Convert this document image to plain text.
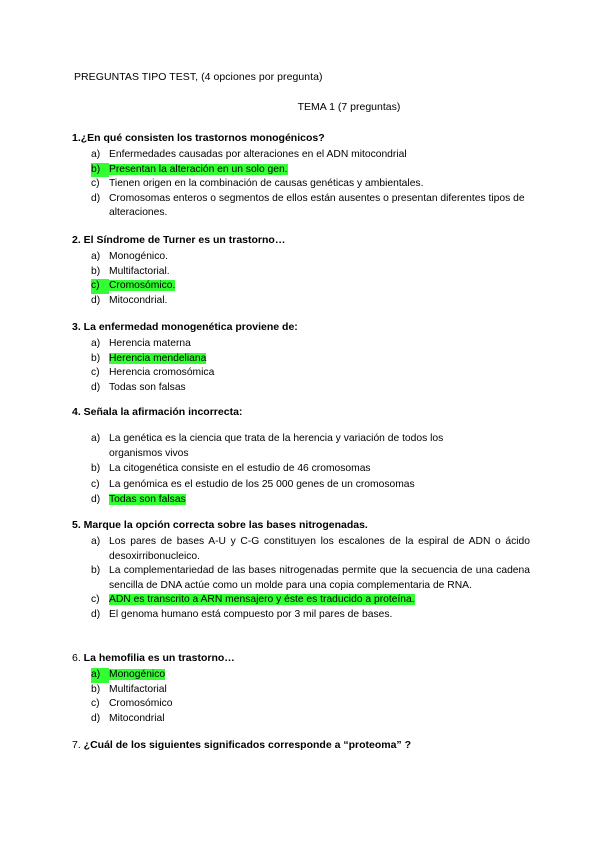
PREGUNTAS TIPO TEST, (4 opciones por pregunta)
TEMA 1 (7 preguntas)
1.¿En qué consisten los trastornos monogénicos?
a) Enfermedades causadas por alteraciones en el ADN mitocondrial
b) Presentan la alteración en un solo gen.
c) Tienen origen en la combinación de causas genéticas y ambientales.
d) Cromosomas enteros o segmentos de ellos están ausentes o presentan diferentes tipos de alteraciones.
2. El Síndrome de Turner es un trastorno…
a) Monogénico.
b) Multifactorial.
c) Cromosómico.
d) Mitocondrial.
3. La enfermedad monogenética proviene de:
a) Herencia materna
b) Herencia mendeliana
c) Herencia cromosómica
d) Todas son falsas
4. Señala la afirmación incorrecta:
a) La genética es la ciencia que trata de la herencia y variación de todos los organismos vivos
b) La citogenética consiste en el estudio de 46 cromosomas
c) La genómica es el estudio de los 25 000 genes de un cromosomas
d) Todas son falsas
5. Marque la opción correcta sobre las bases nitrogenadas.
a) Los pares de bases A-U y C-G constituyen los escalones de la espiral de ADN o ácido desoxirribonucleico.
b) La complementariedad de las bases nitrogenadas permite que la secuencia de una cadena sencilla de DNA actúe como un molde para una copia complementaria de RNA.
c) ADN es transcrito a ARN mensajero y éste es traducido a proteína.
d) El genoma humano está compuesto por 3 mil pares de bases.
6. La hemofilia es un trastorno…
a) Monogénico
b) Multifactorial
c) Cromosómico
d) Mitocondrial
7. ¿Cuál de los siguientes significados corresponde a “proteoma” ?
